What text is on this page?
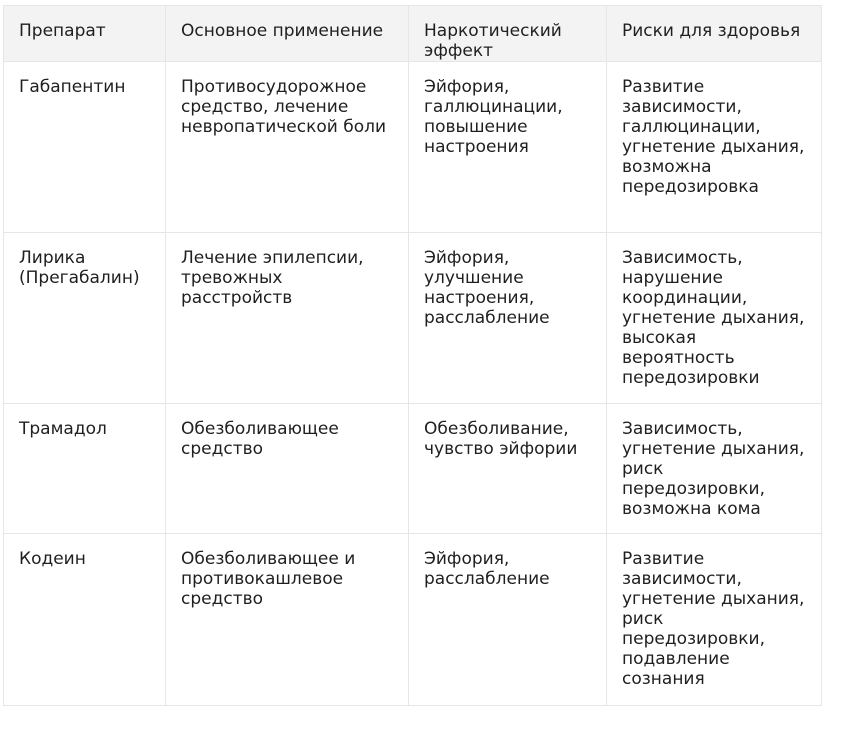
Препарат	Основное применение	Наркотический эффект	Риски для здоровья
Габапентин	Противосудорожное средство, лечение невропатической боли	Эйфория, галлюцинации, повышение настроения	Развитие зависимости, галлюцинации, угнетение дыхания, возможна передозировка
Лирика (Прегабалин)	Лечение эпилепсии, тревожных расстройств	Эйфория, улучшение настроения, расслабление	Зависимость, нарушение координации, угнетение дыхания, высокая вероятность передозировки
Трамадол	Обезболивающее средство	Обезболивание, чувство эйфории	Зависимость, угнетение дыхания, риск передозировки, возможна кома
Кодеин	Обезболивающее и противокашлевое средство	Эйфория, расслабление	Развитие зависимости, угнетение дыхания, риск передозировки, подавление сознания
